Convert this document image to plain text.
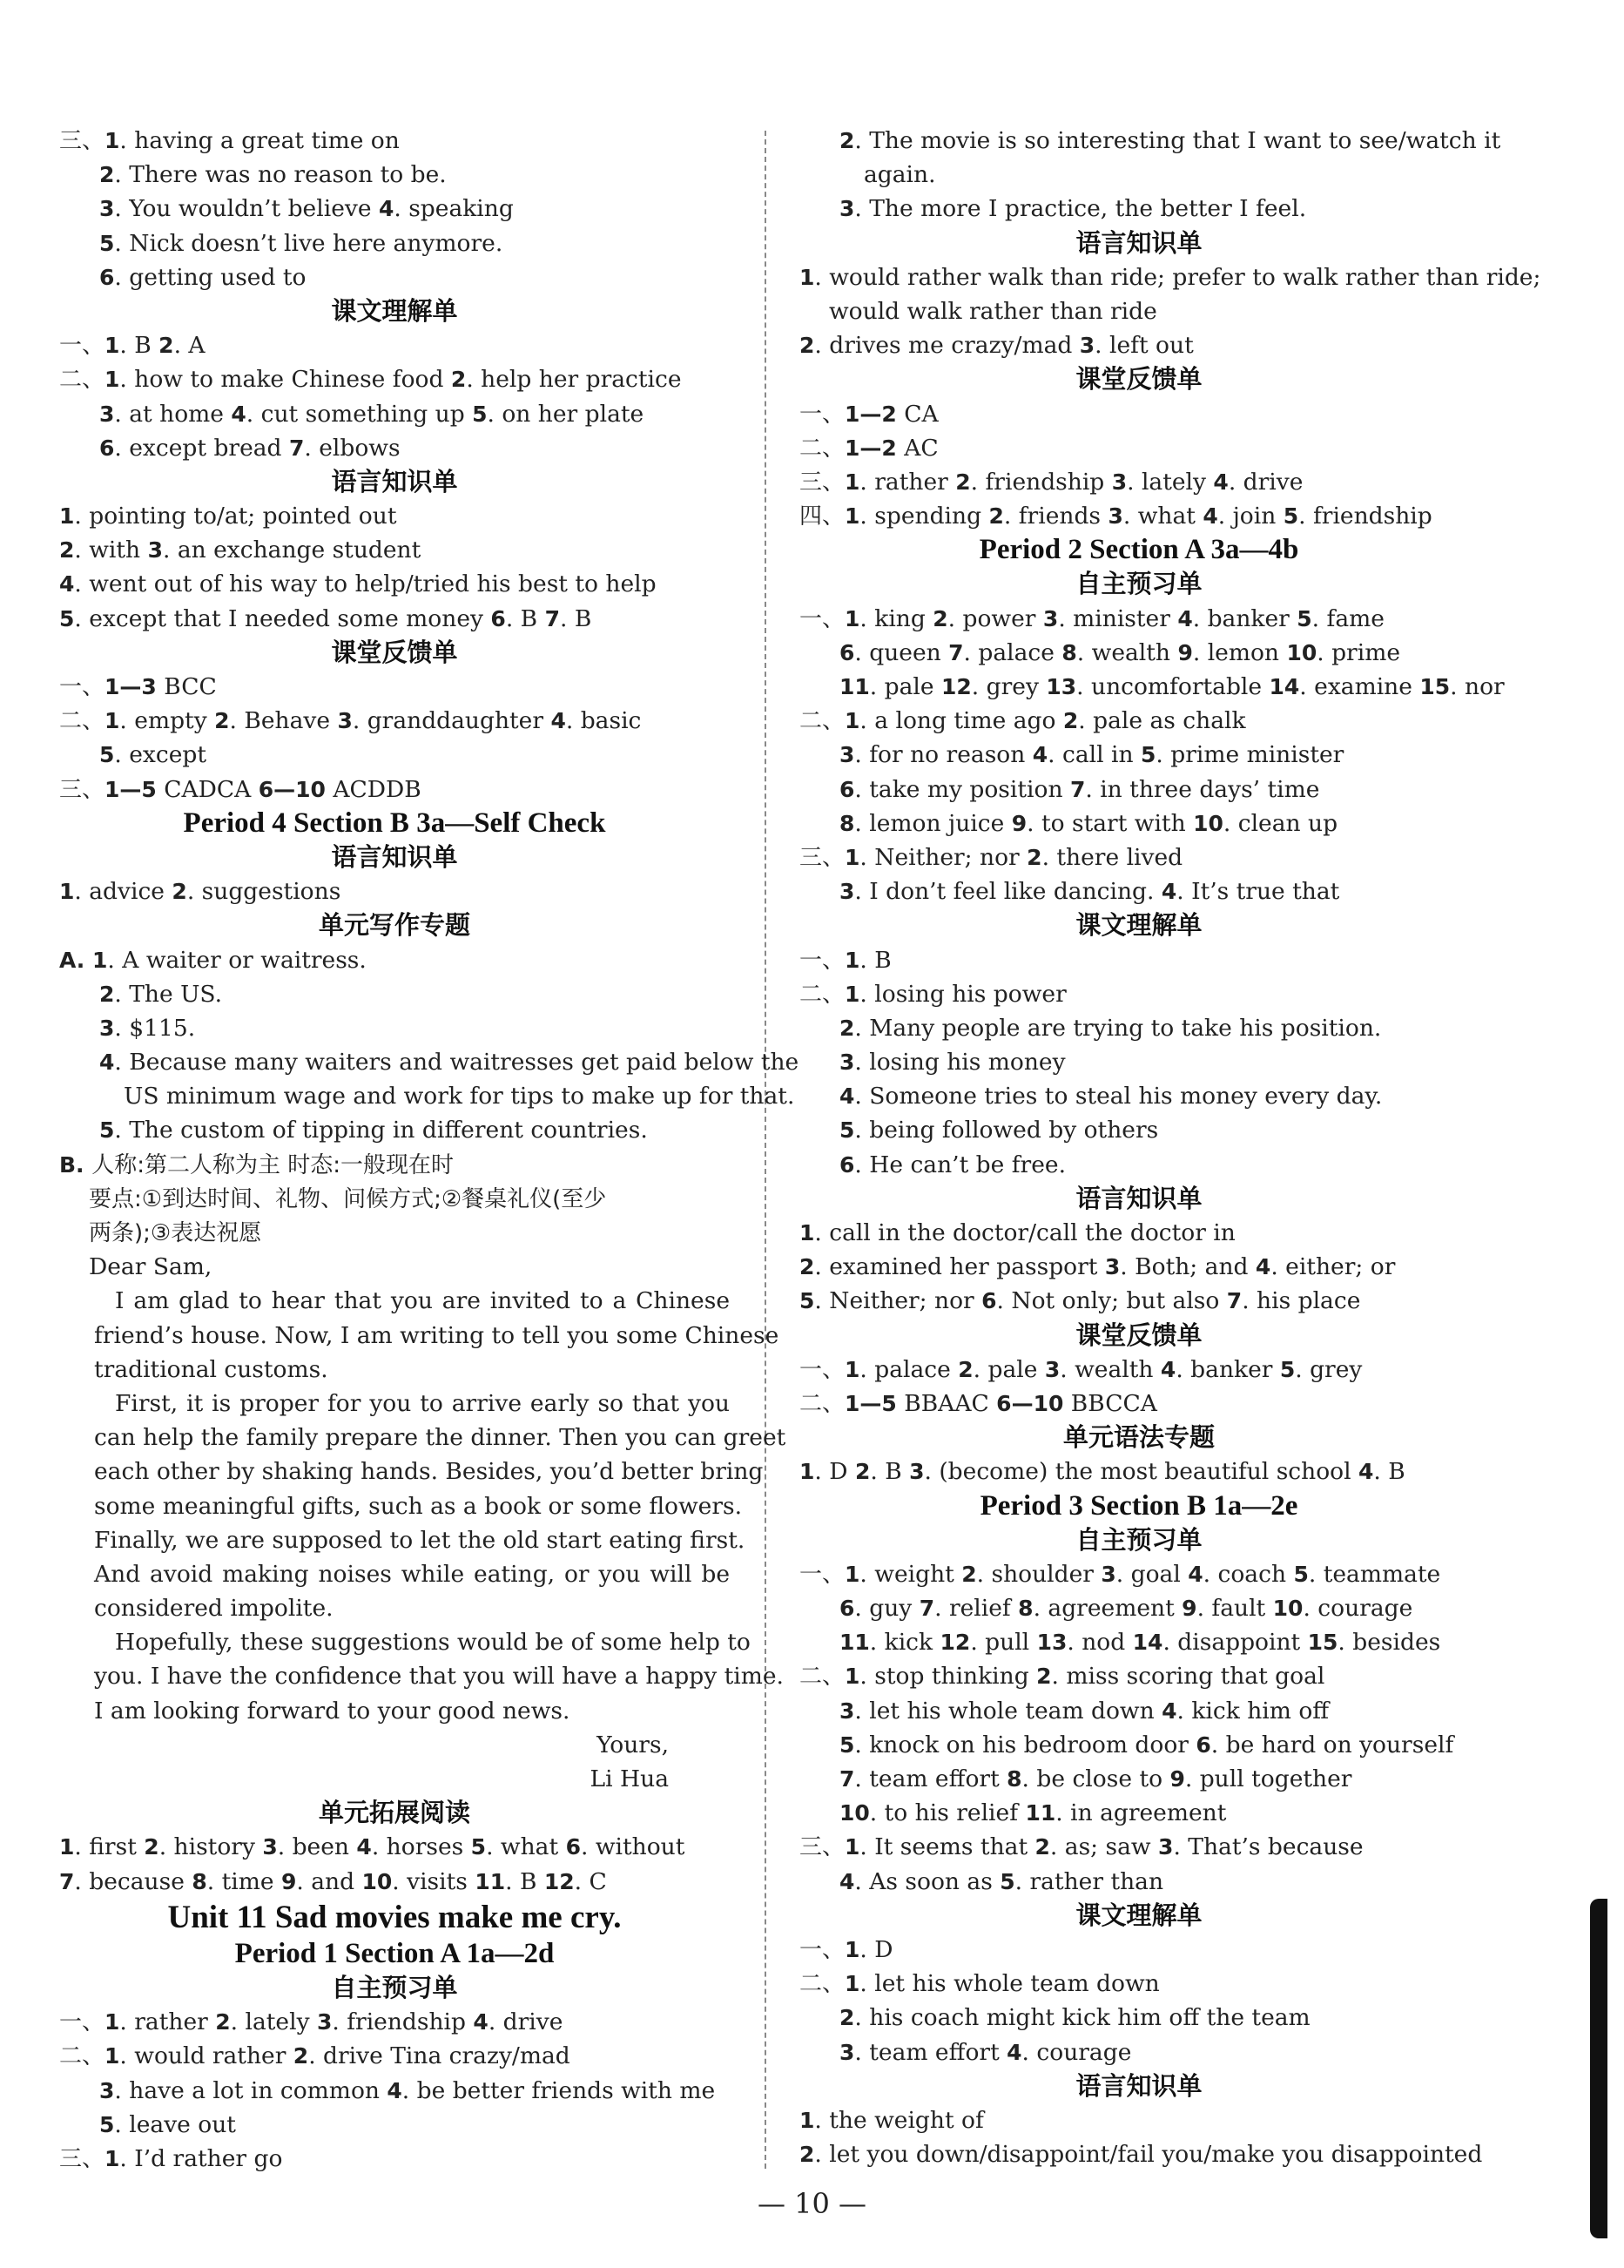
三、1. having a great time on
2. There was no reason to be.
3. You wouldn’t believe 4. speaking
5. Nick doesn’t live here anymore.
6. getting used to
课文理解单
一、1. B 2. A
二、1. how to make Chinese food 2. help her practice
3. at home 4. cut something up 5. on her plate
6. except bread 7. elbows
语言知识单
1. pointing to/at; pointed out
2. with 3. an exchange student
4. went out of his way to help/tried his best to help
5. except that I needed some money 6. B 7. B
课堂反馈单
一、1—3 BCC
二、1. empty 2. Behave 3. granddaughter 4. basic
5. except
三、1—5 CADCA 6—10 ACDDB
Period 4 Section B 3a—Self Check
语言知识单
1. advice 2. suggestions
单元写作专题
A. 1. A waiter or waitress.
2. The US.
3. $115.
4. Because many waiters and waitresses get paid below the
US minimum wage and work for tips to make up for that.
5. The custom of tipping in different countries.
B. 人称:第二人称为主 时态:一般现在时
要点:①到达时间、礼物、问候方式;②餐桌礼仪(至少
两条);③表达祝愿
Dear Sam,
I am glad to hear that you are invited to a Chinese
friend’s house. Now, I am writing to tell you some Chinese
traditional customs.
First, it is proper for you to arrive early so that you
can help the family prepare the dinner. Then you can greet
each other by shaking hands. Besides, you’d better bring
some meaningful gifts, such as a book or some flowers.
Finally, we are supposed to let the old start eating first.
And avoid making noises while eating, or you will be
considered impolite.
Hopefully, these suggestions would be of some help to
you. I have the confidence that you will have a happy time.
I am looking forward to your good news.
Yours,
Li Hua
单元拓展阅读
1. first 2. history 3. been 4. horses 5. what 6. without
7. because 8. time 9. and 10. visits 11. B 12. C
Unit 11 Sad movies make me cry.
Period 1 Section A 1a—2d
自主预习单
一、1. rather 2. lately 3. friendship 4. drive
二、1. would rather 2. drive Tina crazy/mad
3. have a lot in common 4. be better friends with me
5. leave out
三、1. I’d rather go
2. The movie is so interesting that I want to see/watch it
again.
3. The more I practice, the better I feel.
语言知识单
1. would rather walk than ride; prefer to walk rather than ride;
would walk rather than ride
2. drives me crazy/mad 3. left out
课堂反馈单
一、1—2 CA
二、1—2 AC
三、1. rather 2. friendship 3. lately 4. drive
四、1. spending 2. friends 3. what 4. join 5. friendship
Period 2 Section A 3a—4b
自主预习单
一、1. king 2. power 3. minister 4. banker 5. fame
6. queen 7. palace 8. wealth 9. lemon 10. prime
11. pale 12. grey 13. uncomfortable 14. examine 15. nor
二、1. a long time ago 2. pale as chalk
3. for no reason 4. call in 5. prime minister
6. take my position 7. in three days’ time
8. lemon juice 9. to start with 10. clean up
三、1. Neither; nor 2. there lived
3. I don’t feel like dancing. 4. It’s true that
课文理解单
一、1. B
二、1. losing his power
2. Many people are trying to take his position.
3. losing his money
4. Someone tries to steal his money every day.
5. being followed by others
6. He can’t be free.
语言知识单
1. call in the doctor/call the doctor in
2. examined her passport 3. Both; and 4. either; or
5. Neither; nor 6. Not only; but also 7. his place
课堂反馈单
一、1. palace 2. pale 3. wealth 4. banker 5. grey
二、1—5 BBAAC 6—10 BBCCA
单元语法专题
1. D 2. B 3. (become) the most beautiful school 4. B
Period 3 Section B 1a—2e
自主预习单
一、1. weight 2. shoulder 3. goal 4. coach 5. teammate
6. guy 7. relief 8. agreement 9. fault 10. courage
11. kick 12. pull 13. nod 14. disappoint 15. besides
二、1. stop thinking 2. miss scoring that goal
3. let his whole team down 4. kick him off
5. knock on his bedroom door 6. be hard on yourself
7. team effort 8. be close to 9. pull together
10. to his relief 11. in agreement
三、1. It seems that 2. as; saw 3. That’s because
4. As soon as 5. rather than
课文理解单
一、1. D
二、1. let his whole team down
2. his coach might kick him off the team
3. team effort 4. courage
语言知识单
1. the weight of
2. let you down/disappoint/fail you/make you disappointed
— 10 —
